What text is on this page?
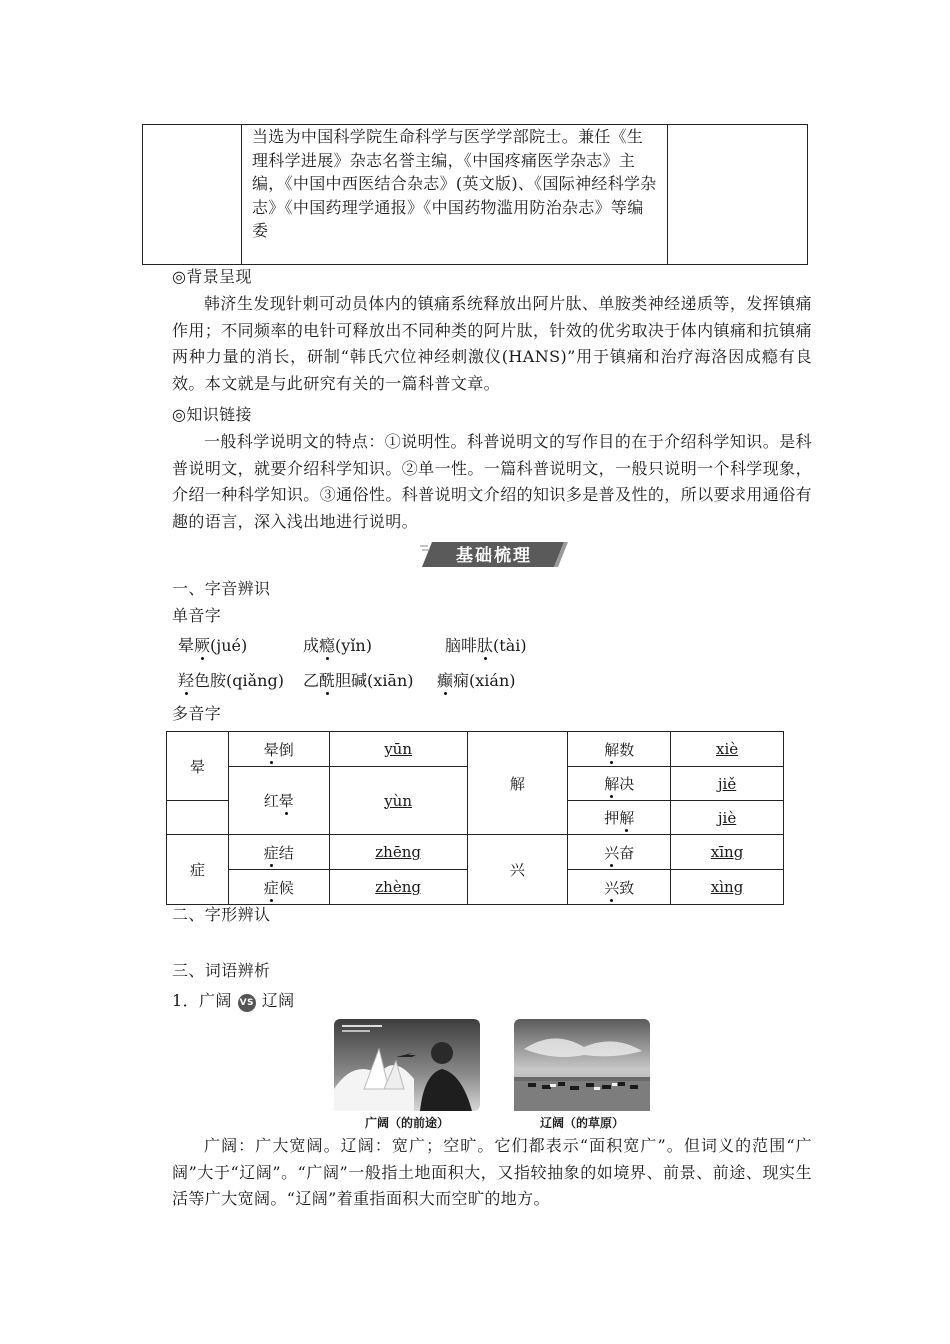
当选为中国科学院生命科学与医学学部院士。兼任《生理科学进展》杂志名誉主编，《中国疼痛医学杂志》主编，《中国中西医结合杂志》(英文版)、《国际神经科学杂志》《中国药理学通报》《中国药物滥用防治杂志》等编委

◎背景呈现
韩济生发现针刺可动员体内的镇痛系统释放出阿片肽、单胺类神经递质等，发挥镇痛作用；不同频率的电针可释放出不同种类的阿片肽，针效的优劣取决于体内镇痛和抗镇痛两种力量的消长，研制“韩氏穴位神经刺激仪(HANS)”用于镇痛和治疗海洛因成瘾有良效。本文就是与此研究有关的一篇科普文章。
◎知识链接
一般科学说明文的特点：①说明性。科普说明文的写作目的在于介绍科学知识。是科普说明文，就要介绍科学知识。②单一性。一篇科普说明文，一般只说明一个科学现象，介绍一种科学知识。③通俗性。科普说明文介绍的知识多是普及性的，所以要求用通俗有趣的语言，深入浅出地进行说明。
基础梳理
一、字音辨识
单音字
晕厥(jué)	成瘾(yǐn)	脑啡肽(tài)
羟色胺(qiǎng) 乙酰胆碱(xiān) 癫痫(xián)
多音字
晕	晕倒	yūn	解	解数	xiè
	红晕	yùn		解决	jiě
				押解	jiè
症	症结	zhēng	兴	兴奋	xīng
	症候	zhèng		兴致	xìng
二、字形辨认
三、词语辨析
1．广阔 VS 辽阔
广阔（的前途）	辽阔（的草原）
广阔：广大宽阔。辽阔：宽广；空旷。它们都表示“面积宽广”。但词义的范围“广阔”大于“辽阔”。“广阔”一般指土地面积大，又指较抽象的如境界、前景、前途、现实生活等广大宽阔。“辽阔”着重指面积大而空旷的地方。
